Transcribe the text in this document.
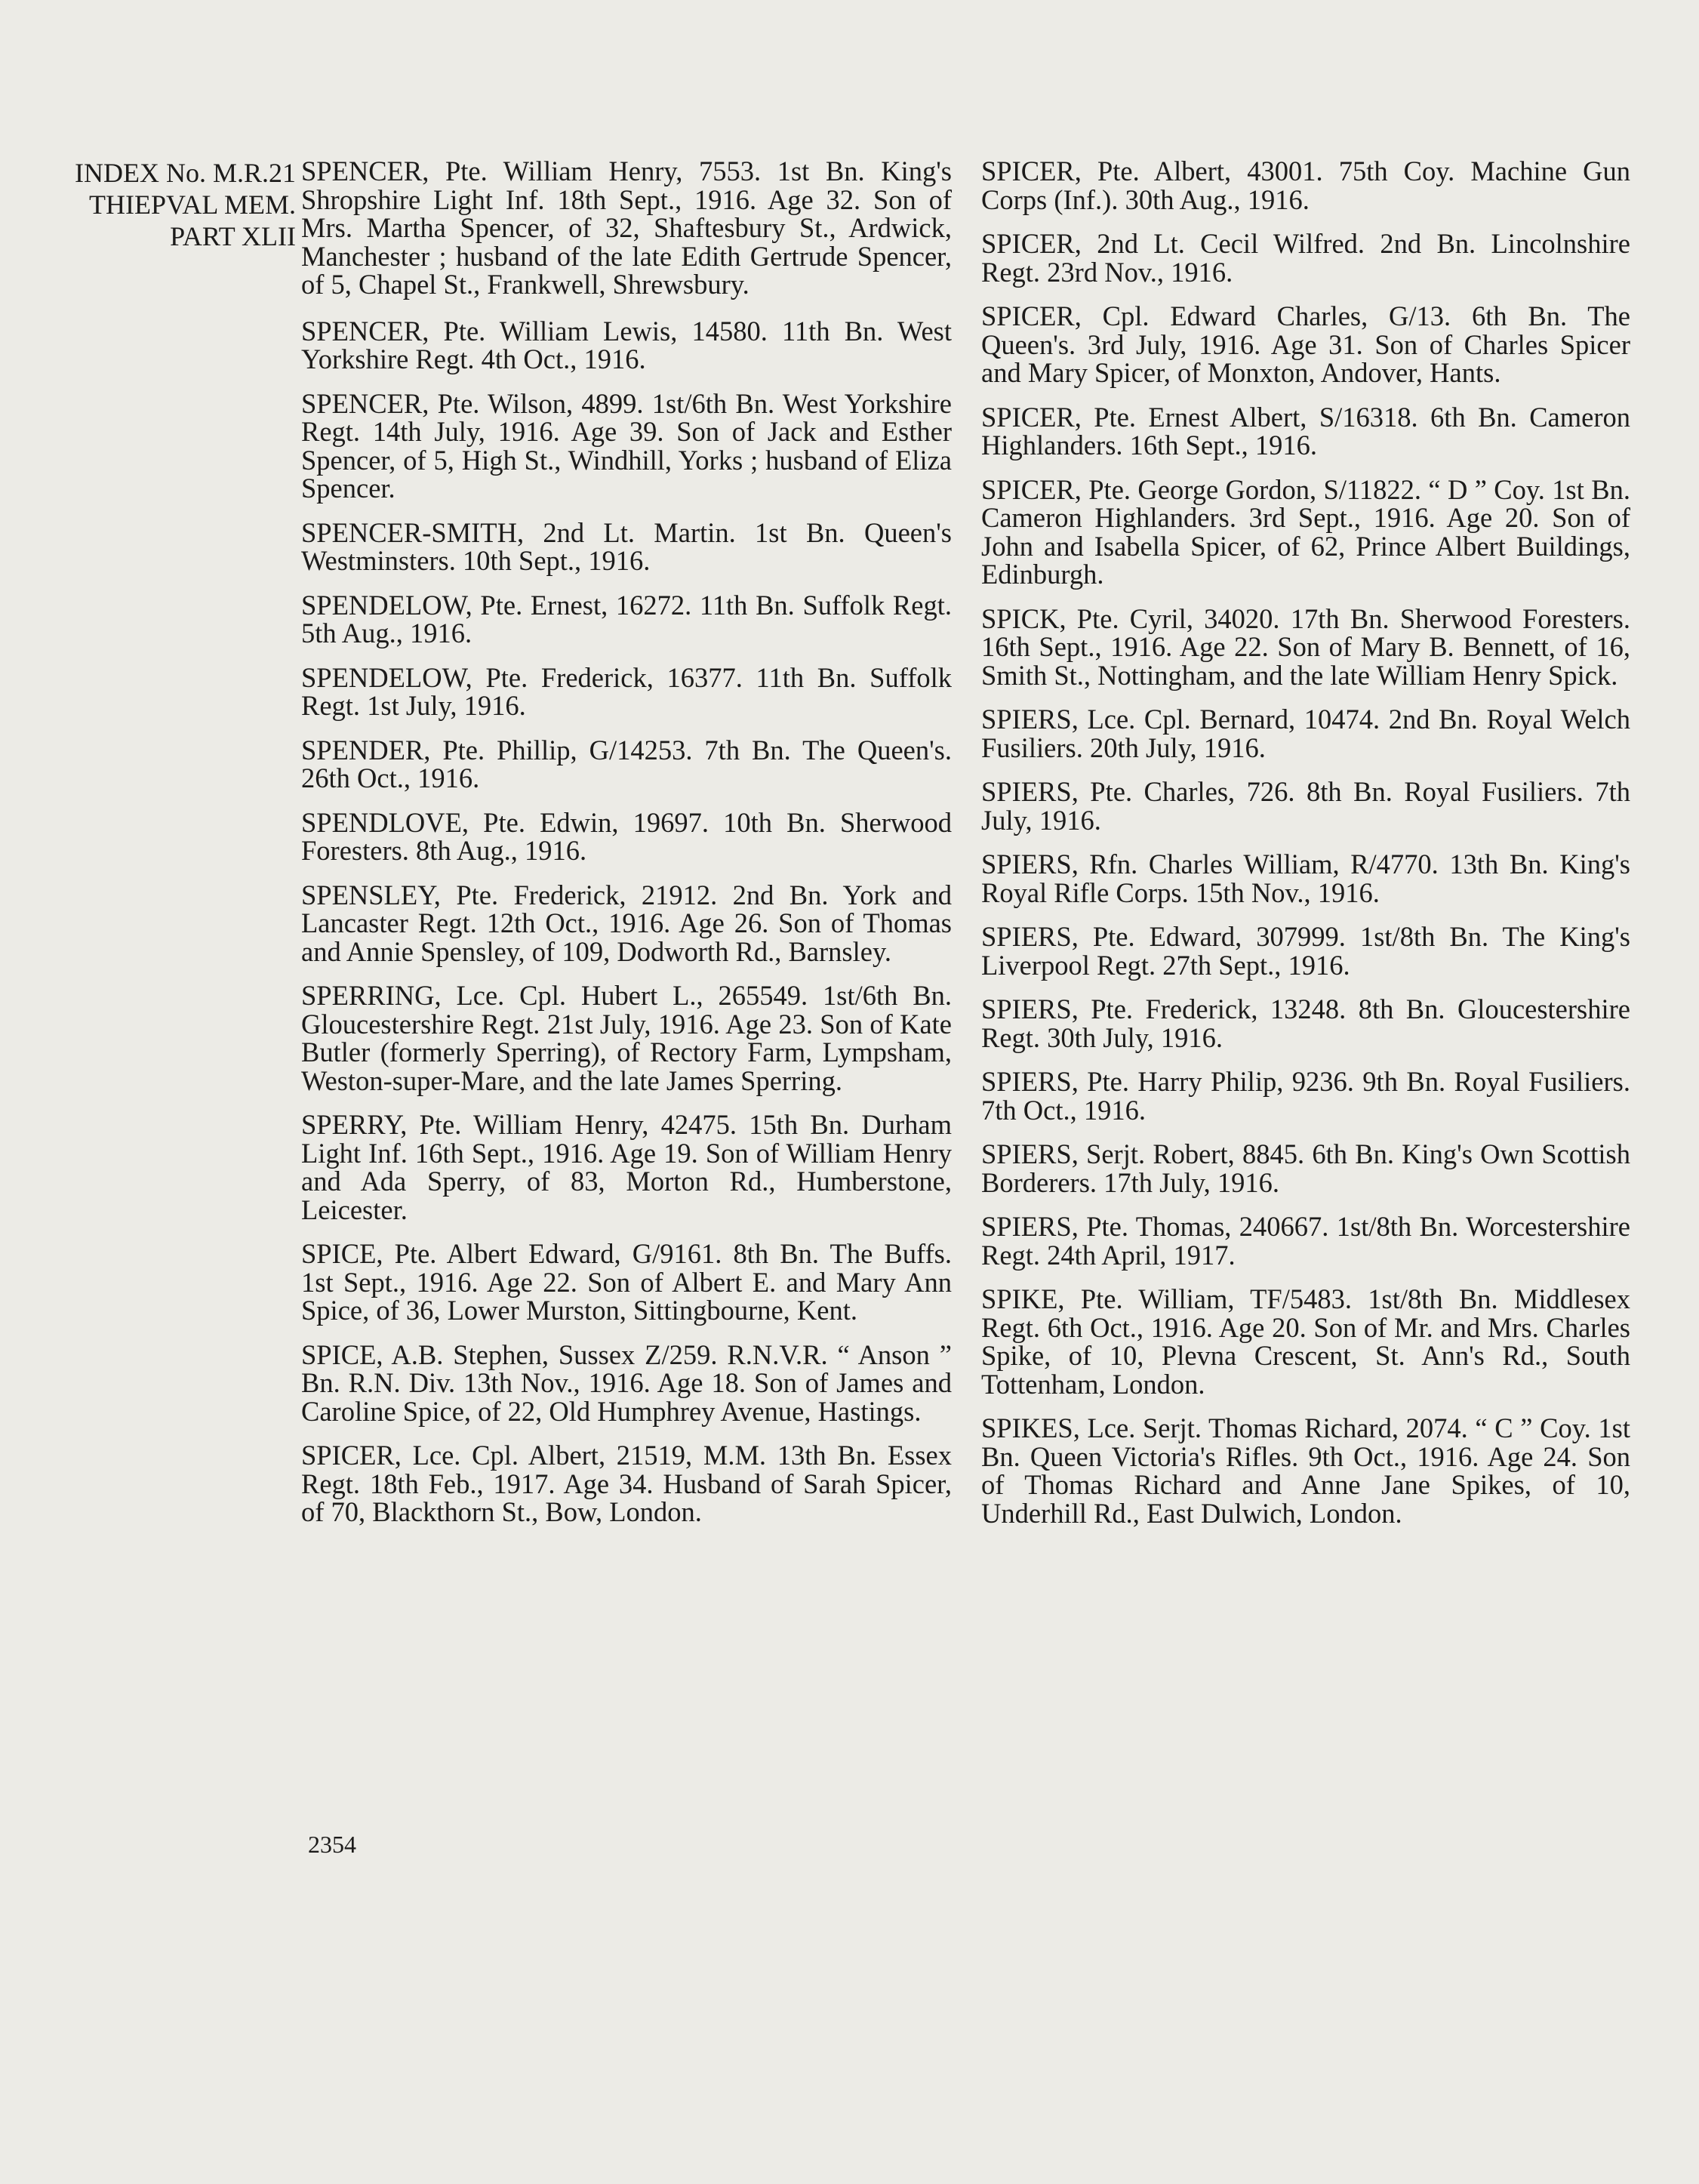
INDEX No. M.R.21
THIEPVAL MEM.
PART XLII

SPENCER, Pte. William Henry, 7553. 1st Bn. King's Shropshire Light Inf. 18th Sept., 1916. Age 32. Son of Mrs. Martha Spencer, of 32, Shaftesbury St., Ardwick, Manchester ; husband of the late Edith Gertrude Spencer, of 5, Chapel St., Frankwell, Shrewsbury.

SPENCER, Pte. William Lewis, 14580. 11th Bn. West Yorkshire Regt. 4th Oct., 1916.

SPENCER, Pte. Wilson, 4899. 1st/6th Bn. West Yorkshire Regt. 14th July, 1916. Age 39. Son of Jack and Esther Spencer, of 5, High St., Windhill, Yorks ; husband of Eliza Spencer.

SPENCER-SMITH, 2nd Lt. Martin. 1st Bn. Queen's Westminsters. 10th Sept., 1916.

SPENDELOW, Pte. Ernest, 16272. 11th Bn. Suffolk Regt. 5th Aug., 1916.

SPENDELOW, Pte. Frederick, 16377. 11th Bn. Suffolk Regt. 1st July, 1916.

SPENDER, Pte. Phillip, G/14253. 7th Bn. The Queen's. 26th Oct., 1916.

SPENDLOVE, Pte. Edwin, 19697. 10th Bn. Sherwood Foresters. 8th Aug., 1916.

SPENSLEY, Pte. Frederick, 21912. 2nd Bn. York and Lancaster Regt. 12th Oct., 1916. Age 26. Son of Thomas and Annie Spensley, of 109, Dodworth Rd., Barnsley.

SPERRING, Lce. Cpl. Hubert L., 265549. 1st/6th Bn. Gloucestershire Regt. 21st July, 1916. Age 23. Son of Kate Butler (formerly Sperring), of Rectory Farm, Lympsham, Weston-super-Mare, and the late James Sperring.

SPERRY, Pte. William Henry, 42475. 15th Bn. Durham Light Inf. 16th Sept., 1916. Age 19. Son of William Henry and Ada Sperry, of 83, Morton Rd., Humberstone, Leicester.

SPICE, Pte. Albert Edward, G/9161. 8th Bn. The Buffs. 1st Sept., 1916. Age 22. Son of Albert E. and Mary Ann Spice, of 36, Lower Murston, Sittingbourne, Kent.

SPICE, A.B. Stephen, Sussex Z/259. R.N.V.R. “ Anson ” Bn. R.N. Div. 13th Nov., 1916. Age 18. Son of James and Caroline Spice, of 22, Old Humphrey Avenue, Hastings.

SPICER, Lce. Cpl. Albert, 21519, M.M. 13th Bn. Essex Regt. 18th Feb., 1917. Age 34. Husband of Sarah Spicer, of 70, Blackthorn St., Bow, London.

SPICER, Pte. Albert, 43001. 75th Coy. Machine Gun Corps (Inf.). 30th Aug., 1916.

SPICER, 2nd Lt. Cecil Wilfred. 2nd Bn. Lincolnshire Regt. 23rd Nov., 1916.

SPICER, Cpl. Edward Charles, G/13. 6th Bn. The Queen's. 3rd July, 1916. Age 31. Son of Charles Spicer and Mary Spicer, of Monxton, Andover, Hants.

SPICER, Pte. Ernest Albert, S/16318. 6th Bn. Cameron Highlanders. 16th Sept., 1916.

SPICER, Pte. George Gordon, S/11822. “ D ” Coy. 1st Bn. Cameron Highlanders. 3rd Sept., 1916. Age 20. Son of John and Isabella Spicer, of 62, Prince Albert Buildings, Edinburgh.

SPICK, Pte. Cyril, 34020. 17th Bn. Sherwood Foresters. 16th Sept., 1916. Age 22. Son of Mary B. Bennett, of 16, Smith St., Nottingham, and the late William Henry Spick.

SPIERS, Lce. Cpl. Bernard, 10474. 2nd Bn. Royal Welch Fusiliers. 20th July, 1916.

SPIERS, Pte. Charles, 726. 8th Bn. Royal Fusiliers. 7th July, 1916.

SPIERS, Rfn. Charles William, R/4770. 13th Bn. King's Royal Rifle Corps. 15th Nov., 1916.

SPIERS, Pte. Edward, 307999. 1st/8th Bn. The King's Liverpool Regt. 27th Sept., 1916.

SPIERS, Pte. Frederick, 13248. 8th Bn. Gloucestershire Regt. 30th July, 1916.

SPIERS, Pte. Harry Philip, 9236. 9th Bn. Royal Fusiliers. 7th Oct., 1916.

SPIERS, Serjt. Robert, 8845. 6th Bn. King's Own Scottish Borderers. 17th July, 1916.

SPIERS, Pte. Thomas, 240667. 1st/8th Bn. Worcestershire Regt. 24th April, 1917.

SPIKE, Pte. William, TF/5483. 1st/8th Bn. Middlesex Regt. 6th Oct., 1916. Age 20. Son of Mr. and Mrs. Charles Spike, of 10, Plevna Crescent, St. Ann's Rd., South Tottenham, London.

SPIKES, Lce. Serjt. Thomas Richard, 2074. “ C ” Coy. 1st Bn. Queen Victoria's Rifles. 9th Oct., 1916. Age 24. Son of Thomas Richard and Anne Jane Spikes, of 10, Underhill Rd., East Dulwich, London.

2354
